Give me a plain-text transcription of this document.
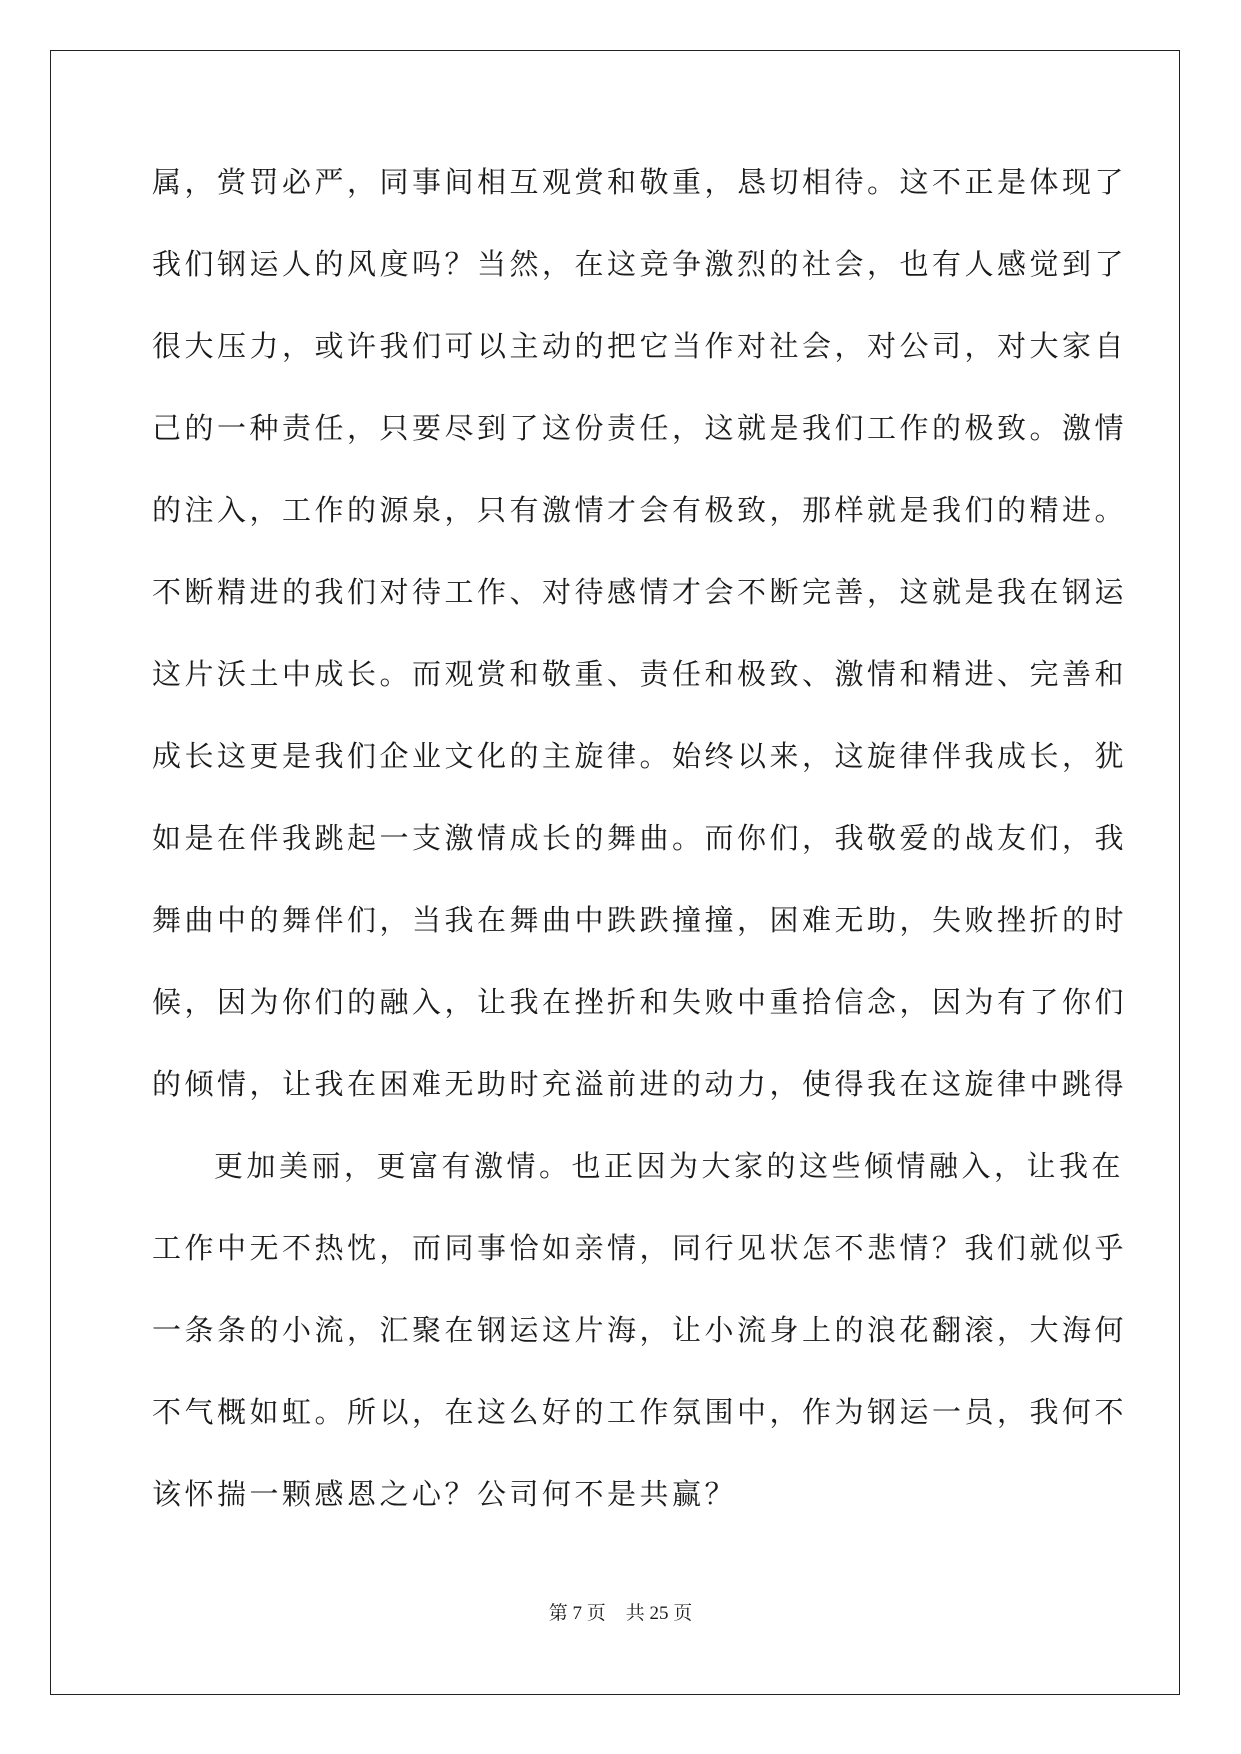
属，赏罚必严，同事间相互观赏和敬重，恳切相待。这不正是体现了
我们钢运人的风度吗？当然，在这竞争激烈的社会，也有人感觉到了
很大压力，或许我们可以主动的把它当作对社会，对公司，对大家自
己的一种责任，只要尽到了这份责任，这就是我们工作的极致。激情
的注入，工作的源泉，只有激情才会有极致，那样就是我们的精进。
不断精进的我们对待工作、对待感情才会不断完善，这就是我在钢运
这片沃土中成长。而观赏和敬重、责任和极致、激情和精进、完善和
成长这更是我们企业文化的主旋律。始终以来，这旋律伴我成长，犹
如是在伴我跳起一支激情成长的舞曲。而你们，我敬爱的战友们，我
舞曲中的舞伴们，当我在舞曲中跌跌撞撞，困难无助，失败挫折的时
候，因为你们的融入，让我在挫折和失败中重拾信念，因为有了你们
的倾情，让我在困难无助时充溢前进的动力，使得我在这旋律中跳得
更加美丽，更富有激情。也正因为大家的这些倾情融入，让我在
工作中无不热忱，而同事恰如亲情，同行见状怎不悲情？我们就似乎
一条条的小流，汇聚在钢运这片海，让小流身上的浪花翻滚，大海何
不气概如虹。所以，在这么好的工作氛围中，作为钢运一员，我何不
该怀揣一颗感恩之心？公司何不是共赢？
第 7 页 共 25 页
